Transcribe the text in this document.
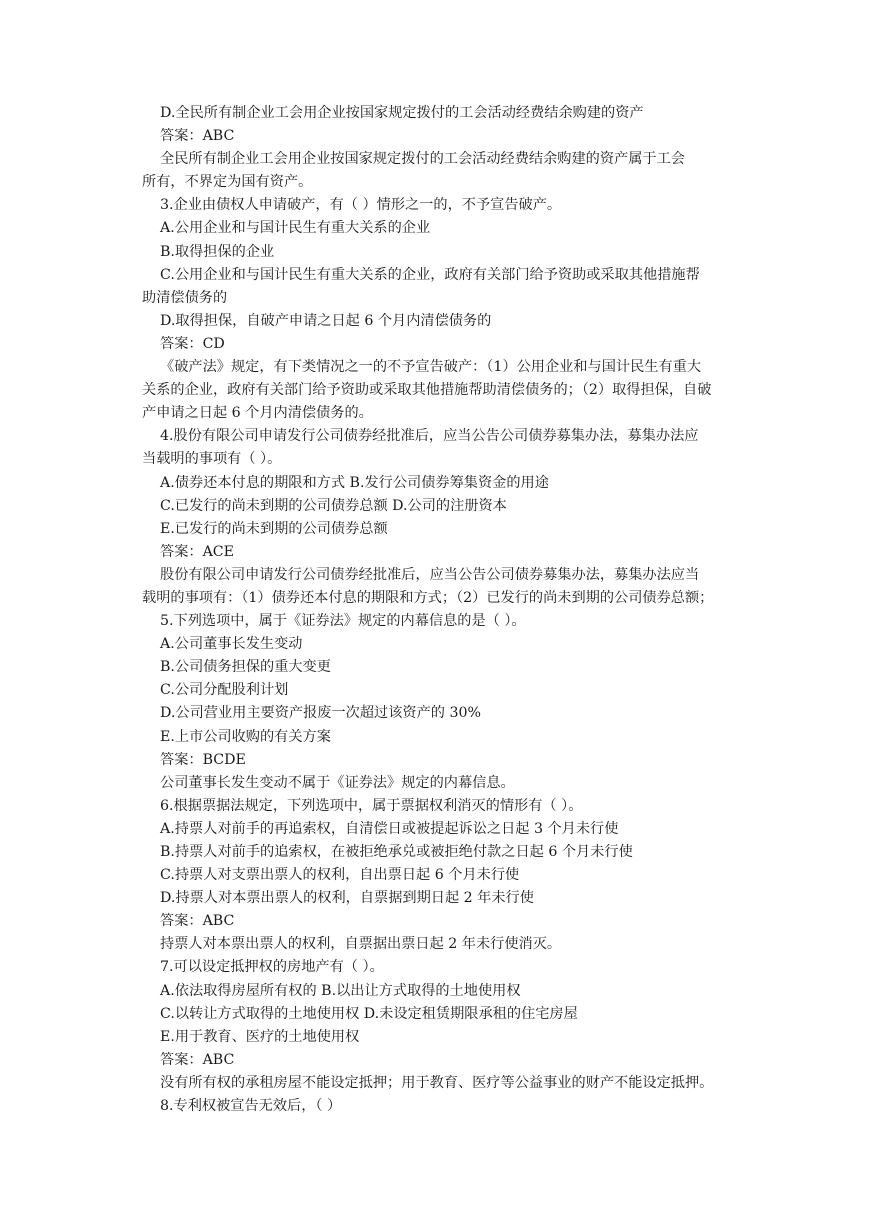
D.全民所有制企业工会用企业按国家规定拨付的工会活动经费结余购建的资产
答案：ABC
全民所有制企业工会用企业按国家规定拨付的工会活动经费结余购建的资产属于工会
所有，不界定为国有资产。
3.企业由债权人申请破产，有（ ）情形之一的，不予宣告破产。
A.公用企业和与国计民生有重大关系的企业
B.取得担保的企业
C.公用企业和与国计民生有重大关系的企业，政府有关部门给予资助或采取其他措施帮
助清偿债务的
D.取得担保，自破产申请之日起 6 个月内清偿债务的
答案：CD
《破产法》规定，有下类情况之一的不予宣告破产：（1）公用企业和与国计民生有重大
关系的企业，政府有关部门给予资助或采取其他措施帮助清偿债务的；（2）取得担保，自破
产申请之日起 6 个月内清偿债务的。
4.股份有限公司申请发行公司债券经批准后，应当公告公司债券募集办法，募集办法应
当载明的事项有（ ）。
A.债券还本付息的期限和方式 B.发行公司债券筹集资金的用途
C.已发行的尚未到期的公司债券总额 D.公司的注册资本
E.已发行的尚未到期的公司债券总额
答案：ACE
股份有限公司申请发行公司债券经批准后，应当公告公司债券募集办法，募集办法应当
载明的事项有：（1）债券还本付息的期限和方式；（2）已发行的尚未到期的公司债券总额；
5.下列选项中，属于《证券法》规定的内幕信息的是（ ）。
A.公司董事长发生变动
B.公司债务担保的重大变更
C.公司分配股利计划
D.公司营业用主要资产报废一次超过该资产的 30%
E.上市公司收购的有关方案
答案：BCDE
公司董事长发生变动不属于《证券法》规定的内幕信息。
6.根据票据法规定，下列选项中，属于票据权利消灭的情形有（ ）。
A.持票人对前手的再追索权，自清偿日或被提起诉讼之日起 3 个月未行使
B.持票人对前手的追索权，在被拒绝承兑或被拒绝付款之日起 6 个月未行使
C.持票人对支票出票人的权利，自出票日起 6 个月未行使
D.持票人对本票出票人的权利，自票据到期日起 2 年未行使
答案：ABC
持票人对本票出票人的权利，自票据出票日起 2 年未行使消灭。
7.可以设定抵押权的房地产有（ ）。
A.依法取得房屋所有权的 B.以出让方式取得的土地使用权
C.以转让方式取得的土地使用权 D.未设定租赁期限承租的住宅房屋
E.用于教育、医疗的土地使用权
答案：ABC
没有所有权的承租房屋不能设定抵押；用于教育、医疗等公益事业的财产不能设定抵押。
8.专利权被宣告无效后，（ ）
